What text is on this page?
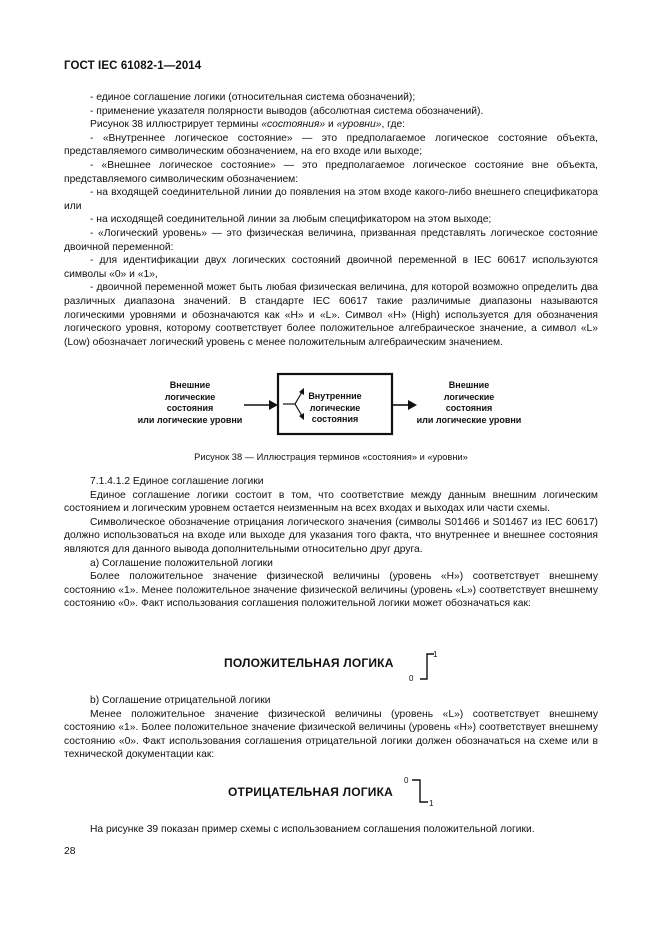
ГОСТ IEC 61082-1—2014

- единое соглашение логики (относительная система обозначений);

- применение указателя полярности выводов (абсолютная система обозначений).

Рисунок 38 иллюстрирует термины «состояния» и «уровни», где:

- «Внутреннее логическое состояние» — это предполагаемое логическое состояние объекта, представляемого символическим обозначением, на его входе или выходе;

- «Внешнее логическое состояние» — это предполагаемое логическое состояние вне объекта, представляемого символическим обозначением:

- на входящей соединительной линии до появления на этом входе какого-либо внешнего спецификатора или

- на исходящей соединительной линии за любым спецификатором на этом выходе;

- «Логический уровень» — это физическая величина, призванная представлять логическое состояние двоичной переменной:

- для идентификации двух логических состояний двоичной переменной в IEC 60617 используются символы «0» и «1»,

- двоичной переменной может быть любая физическая величина, для которой возможно определить два различных диапазона значений. В стандарте IEC 60617 такие различимые диапазоны называются логическими уровнями и обозначаются как «H» и «L». Символ «H» (High) используется для обозначения логического уровня, которому соответствует более положительное алгебраическое значение, а символ «L» (Low) обозначает логический уровень с менее положительным алгебраическим значением.

Внешние
логические
состояния
или логические уровни
Внутренние
логические
состояния
Внешние
логические
состояния
или логические уровни
Рисунок 38 — Иллюстрация терминов «состояния» и «уровни»

7.1.4.1.2 Единое соглашение логики

Единое соглашение логики состоит в том, что соответствие между данным внешним логическим состоянием и логическим уровнем остается неизменным на всех входах и выходах или части схемы.

Символическое обозначение отрицания логического значения (символы S01466 и S01467 из IEC 60617) должно использоваться на входе или выходе для указания того факта, что внутреннее и внешнее состояния являются для данного вывода дополнительными относительно друг друга.

a) Соглашение положительной логики

Более положительное значение физической величины (уровень «H») соответствует внешнему состоянию «1». Менее положительное значение физической величины (уровень «L») соответствует внешнему состоянию «0». Факт использования соглашения положительной логики может обозначаться как:

ПОЛОЖИТЕЛЬНАЯ ЛОГИКА
0
1

b) Соглашение отрицательной логики

Менее положительное значение физической величины (уровень «L») соответствует внешнему состоянию «1». Более положительное значение физической величины (уровень «H») соответствует внешнему состоянию «0». Факт использования соглашения отрицательной логики должен обозначаться на схеме или в технической документации как:

ОТРИЦАТЕЛЬНАЯ ЛОГИКА
0
1

На рисунке 39 показан пример схемы с использованием соглашения положительной логики.

28
